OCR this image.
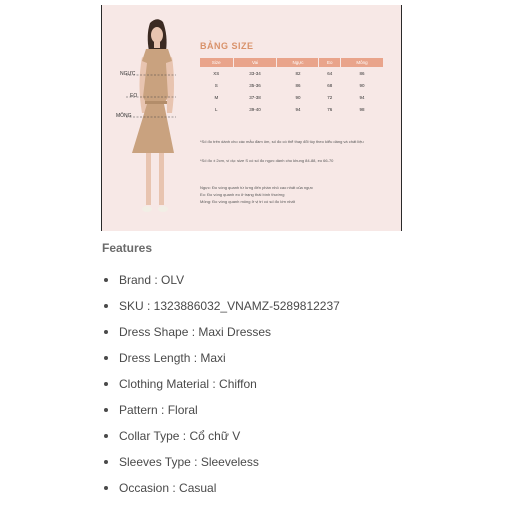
NGỰC
EO
MÔNG
BẢNG SIZE
Size	Vai	Ngực	Eo	Mông
XS	33-34	82	64	86
S	35-36	86	68	90
M	37-38	90	72	94
L	39-40	94	76	98
*Số đo trên dành cho các mẫu đầm ôm, số đo có thể thay đổi tùy theo kiểu dáng và chất liệu
*Số đo ± 2cm, ví dụ: size S có số đo ngực dành cho khung 84-88, eo 66-70
Ngực: Đo vòng quanh từ lưng đến phần nhô cao nhất của ngực
Eo: Đo vòng quanh eo ở trạng thái bình thường
Mông: Đo vòng quanh mông ở vị trí có số đo lớn nhất
Features
Brand : OLV
SKU : 1323886032_VNAMZ-5289812237
Dress Shape : Maxi Dresses
Dress Length : Maxi
Clothing Material : Chiffon
Pattern : Floral
Collar Type : Cổ chữ V
Sleeves Type : Sleeveless
Occasion : Casual
